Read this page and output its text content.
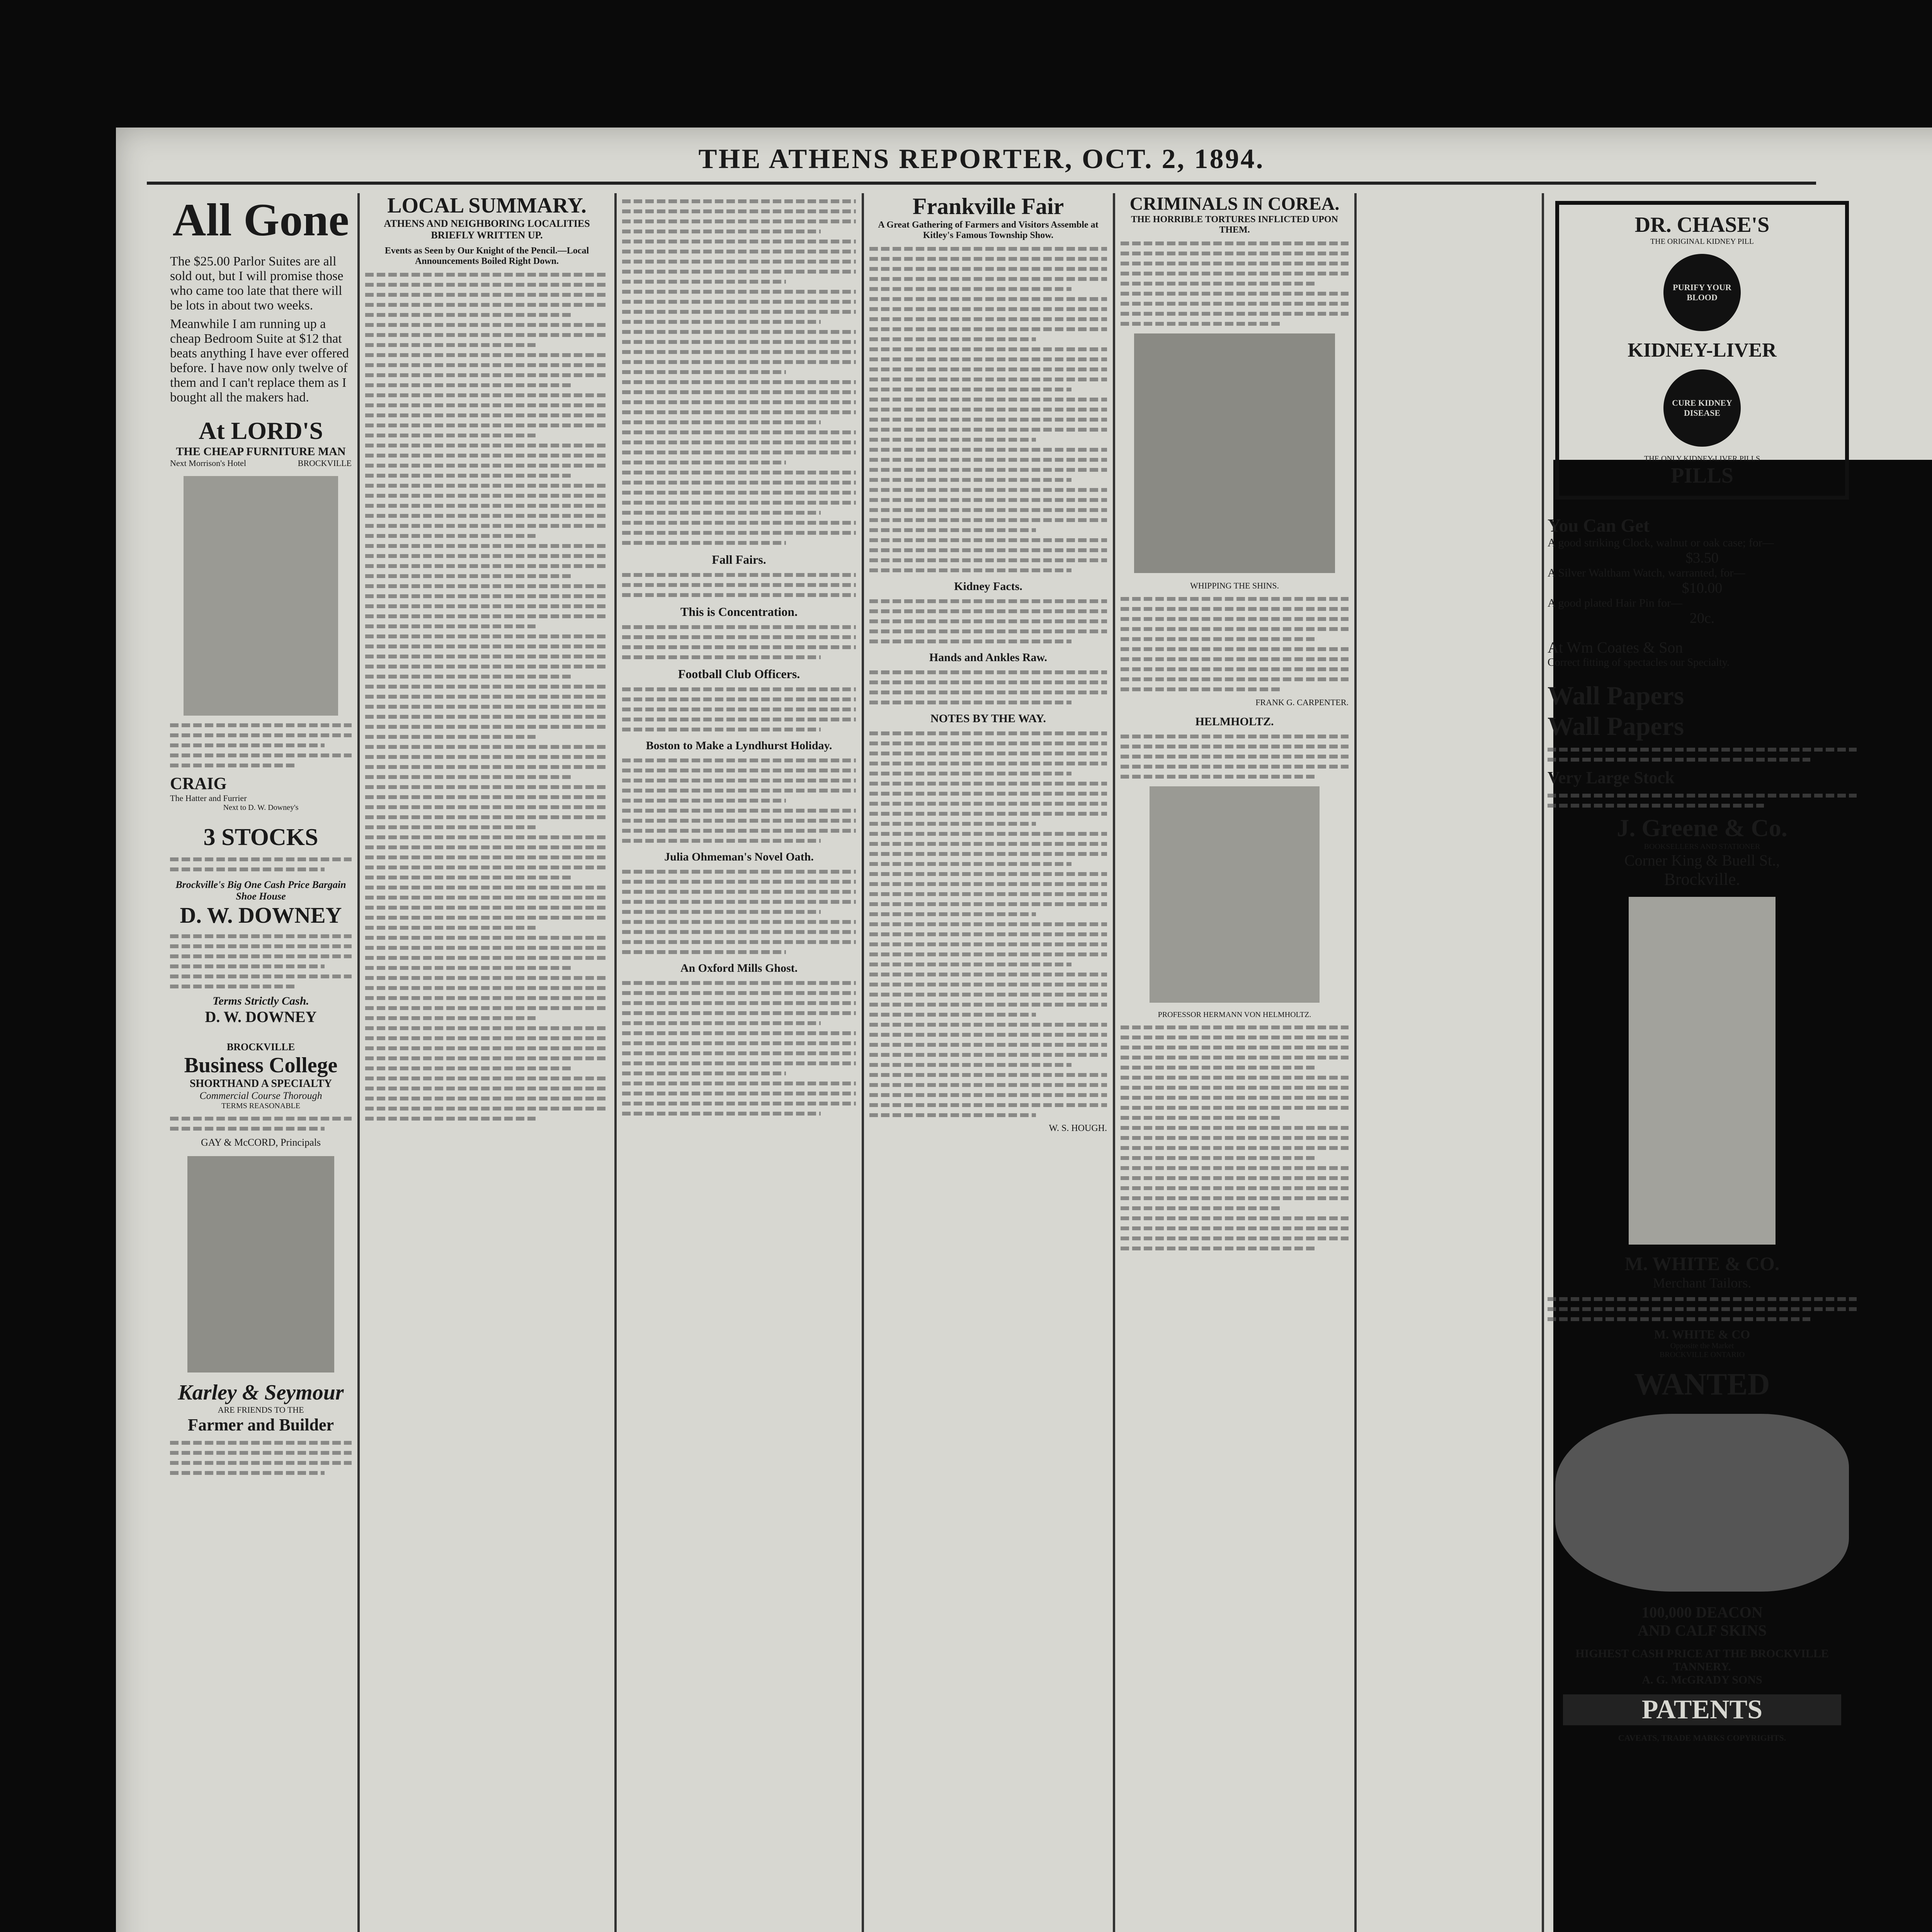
THE ATHENS REPORTER, OCT. 2, 1894.
All Gone
The $25.00 Parlor Suites are all sold out, but I will promise those who came too late that there will be lots in about two weeks.
Meanwhile I am running up a cheap Bedroom Suite at $12 that beats anything I have ever offered before. I have now only twelve of them and I can't replace them as I bought all the makers had.
At LORD'S
THE CHEAP FURNITURE MAN
Next Morrison's Hotel	BROCKVILLE
CRAIG
The Hatter and Furrier
Next to D. W. Downey's
3 STOCKS
Brockville's Big One Cash Price Bargain Shoe House
D. W. DOWNEY
Terms Strictly Cash.
D. W. DOWNEY
BROCKVILLE
Business College
SHORTHAND A SPECIALTY
Commercial Course Thorough
TERMS REASONABLE
GAY & McCORD, Principals
Karley & Seymour
ARE FRIENDS TO THE
Farmer and Builder
LOCAL SUMMARY.
ATHENS AND NEIGHBORING LOCALITIES BRIEFLY WRITTEN UP.
Events as Seen by Our Knight of the Pencil.—Local Announcements Boiled Right Down.
Fall Fairs.
This is Concentration.
Football Club Officers.
Boston to Make a Lyndhurst Holiday.
Julia Ohmeman's Novel Oath.
An Oxford Mills Ghost.
Frankville Fair
A Great Gathering of Farmers and Visitors Assemble at Kitley's Famous Township Show.
Kidney Facts.
Hands and Ankles Raw.
NOTES BY THE WAY.
W. S. HOUGH.
CRIMINALS IN COREA.
THE HORRIBLE TORTURES INFLICTED UPON THEM.
WHIPPING THE SHINS.
FRANK G. CARPENTER.
HELMHOLTZ.
PROFESSOR HERMANN VON HELMHOLTZ.
DR. CHASE'S
THE ORIGINAL KIDNEY PILL
PURIFY YOUR BLOOD
KIDNEY-LIVER
CURE KIDNEY DISEASE
THE ONLY KIDNEY-LIVER PILLS
PILLS
You Can Get
A good striking Clock, walnut or oak case; for—
$3.50
A Silver Waltham Watch, warranted, for—
$10.00
A good plated Hair Pin for—
20c.
At Wm Coates & Son
Correct fitting of spectacles our Specialty.
Wall Papers
Wall Papers
Very Large Stock
J. Greene & Co.
BOOKSELLERS AND STATIONER
Corner King & Buell St.,
Brockville.
M. WHITE & CO.
Merchant Tailors.
M. WHITE & CO
Opposite the Market
BROCKVILLE ONTARIO
WANTED
100,000 DEACON
AND CALF SKINS
HIGHEST CASH PRICE AT THE BROCKVILLE TANNERY.
A. G. McGRADY SONS
PATENTS
CAVEATS, TRADE MARKS COPYRIGHTS.
